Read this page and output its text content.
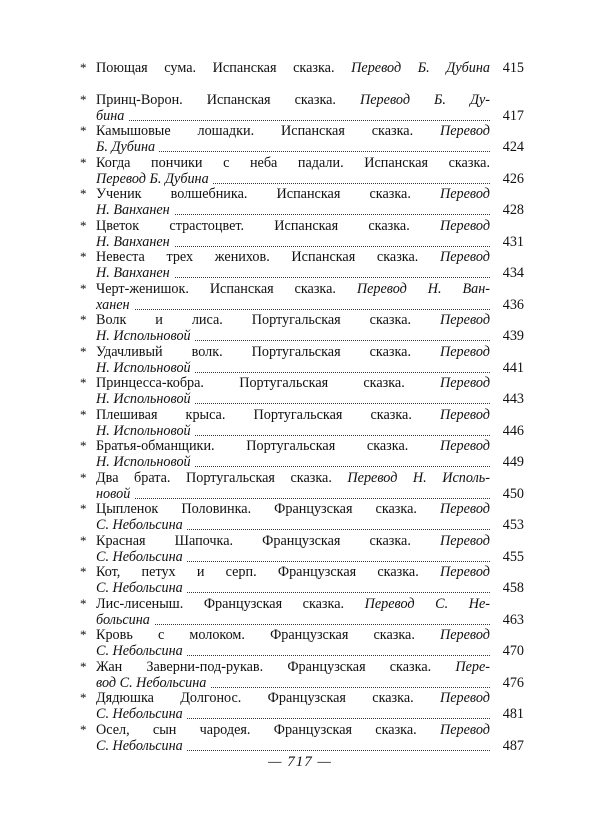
* Поющая сума. Испанская сказка. Перевод Б. Дубина 415
* Принц-Ворон. Испанская сказка. Перевод Б. Ду-
бина	417
* Камышовые лошадки. Испанская сказка. Перевод
Б. Дубина	424
* Когда пончики с неба падали. Испанская сказка.
Перевод Б. Дубина	426
* Ученик волшебника. Испанская сказка. Перевод
Н. Ванханен	428
* Цветок страстоцвет. Испанская сказка. Перевод
Н. Ванханен	431
* Невеста трех женихов. Испанская сказка. Перевод
Н. Ванханен	434
* Черт-женишок. Испанская сказка. Перевод Н. Ван-
ханен	436
* Волк и лиса. Португальская сказка. Перевод
Н. Испольновой	439
* Удачливый волк. Португальская сказка. Перевод
Н. Испольновой	441
* Принцесса-кобра. Португальская сказка. Перевод
Н. Испольновой	443
* Плешивая крыса. Португальская сказка. Перевод
Н. Испольновой	446
* Братья-обманщики. Португальская сказка. Перевод
Н. Испольновой	449
* Два брата. Португальская сказка. Перевод Н. Исполь-
новой	450
* Цыпленок Половинка. Французская сказка. Перевод
С. Небольсина	453
* Красная Шапочка. Французская сказка. Перевод
С. Небольсина	455
* Кот, петух и серп. Французская сказка. Перевод
С. Небольсина	458
* Лис-лисеныш. Французская сказка. Перевод С. Не-
больсина	463
* Кровь с молоком. Французская сказка. Перевод
С. Небольсина	470
* Жан Заверни-под-рукав. Французская сказка. Пере-
вод С. Небольсина	476
* Дядюшка Долгонос. Французская сказка. Перевод
С. Небольсина	481
* Осел, сын чародея. Французская сказка. Перевод
С. Небольсина	487
— 717 —
